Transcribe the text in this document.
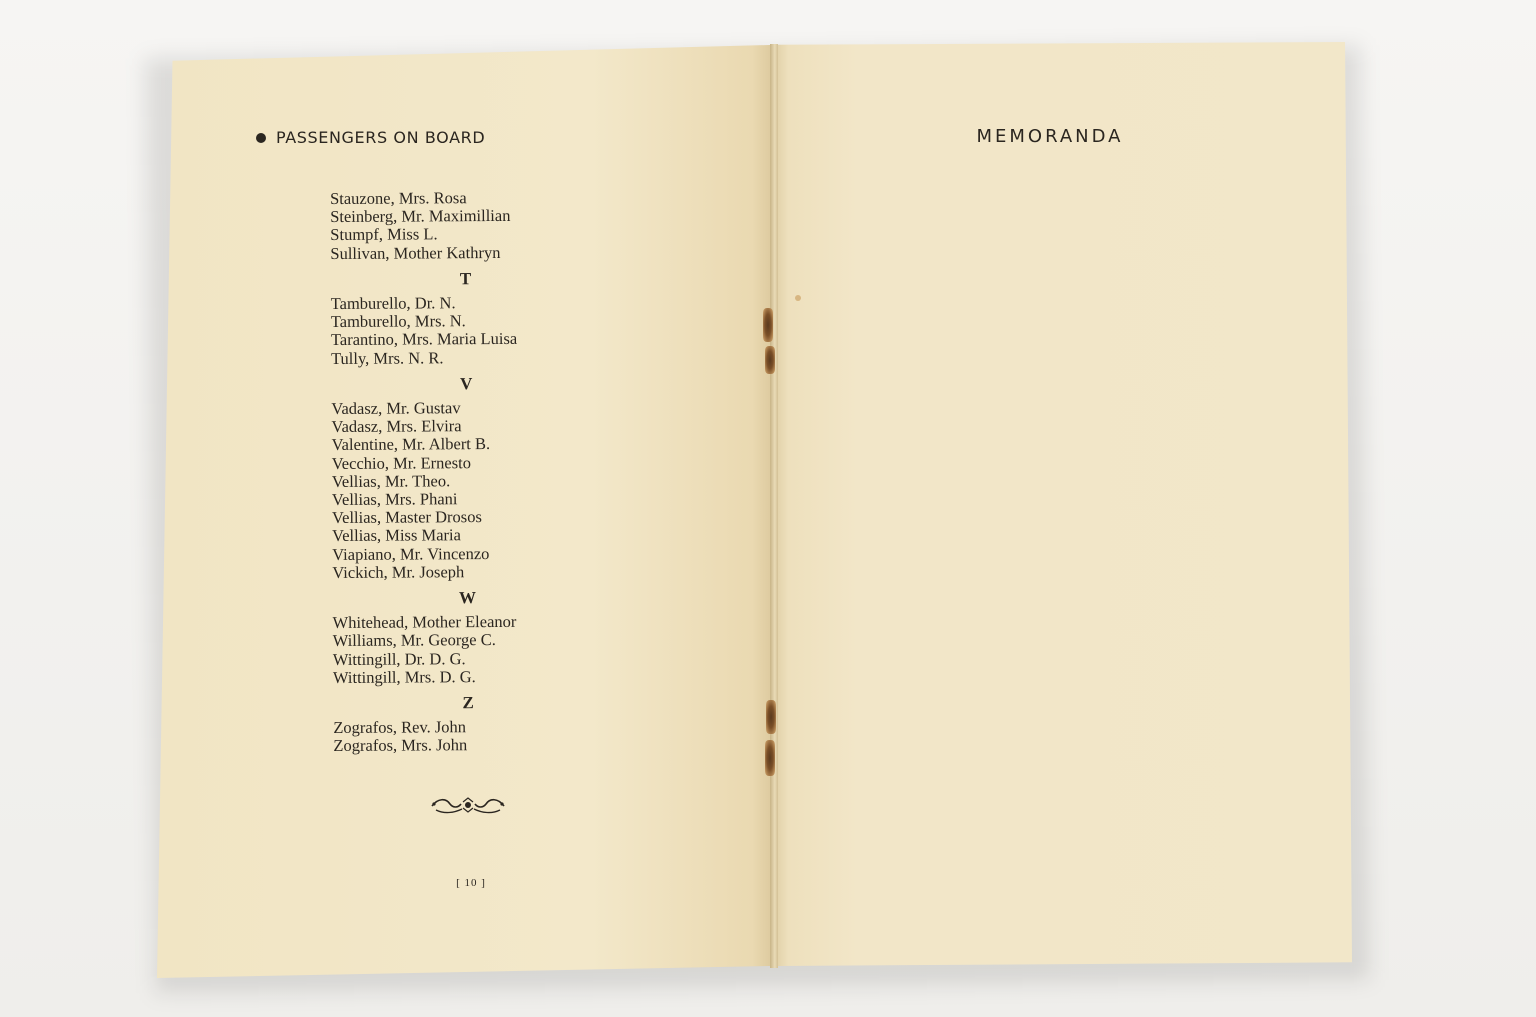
PASSENGERS ON BOARD
Stauzone, Mrs. Rosa
Steinberg, Mr. Maximillian
Stumpf, Miss L.
Sullivan, Mother Kathryn
T
Tamburello, Dr. N.
Tamburello, Mrs. N.
Tarantino, Mrs. Maria Luisa
Tully, Mrs. N. R.
V
Vadasz, Mr. Gustav
Vadasz, Mrs. Elvira
Valentine, Mr. Albert B.
Vecchio, Mr. Ernesto
Vellias, Mr. Theo.
Vellias, Mrs. Phani
Vellias, Master Drosos
Vellias, Miss Maria
Viapiano, Mr. Vincenzo
Vickich, Mr. Joseph
W
Whitehead, Mother Eleanor
Williams, Mr. George C.
Wittingill, Dr. D. G.
Wittingill, Mrs. D. G.
Z
Zografos, Rev. John
Zografos, Mrs. John
[ 10 ]
MEMORANDA
